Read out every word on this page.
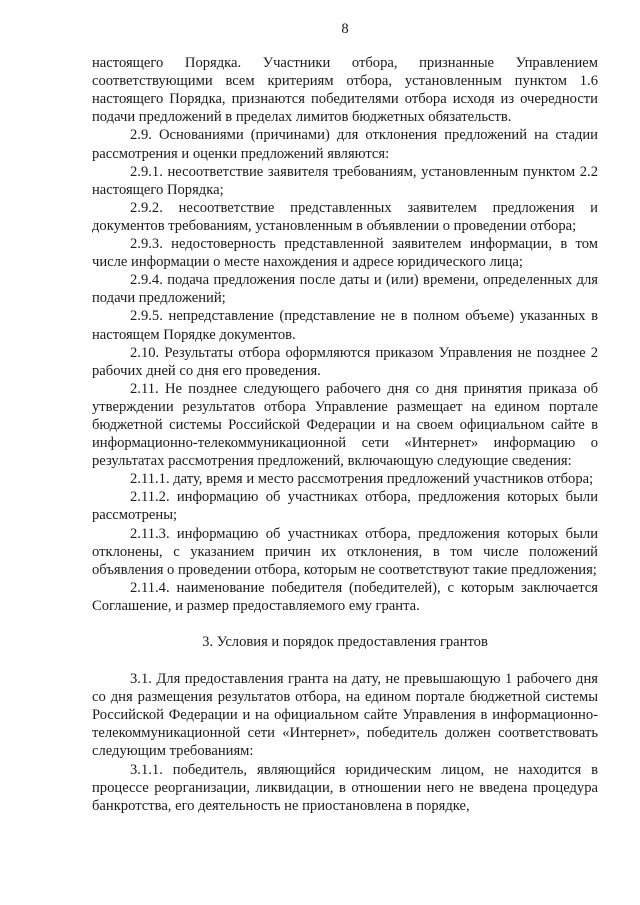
8

настоящего Порядка. Участники отбора, признанные Управлением соответствующими всем критериям отбора, установленным пунктом 1.6 настоящего Порядка, признаются победителями отбора исходя из очередности подачи предложений в пределах лимитов бюджетных обязательств.

2.9. Основаниями (причинами) для отклонения предложений на стадии рассмотрения и оценки предложений являются:

2.9.1. несоответствие заявителя требованиям, установленным пунктом 2.2 настоящего Порядка;

2.9.2. несоответствие представленных заявителем предложения и документов требованиям, установленным в объявлении о проведении отбора;

2.9.3. недостоверность представленной заявителем информации, в том числе информации о месте нахождения и адресе юридического лица;

2.9.4. подача предложения после даты и (или) времени, определенных для подачи предложений;

2.9.5. непредставление (представление не в полном объеме) указанных в настоящем Порядке документов.

2.10. Результаты отбора оформляются приказом Управления не позднее 2 рабочих дней со дня его проведения.

2.11. Не позднее следующего рабочего дня со дня принятия приказа об утверждении результатов отбора Управление размещает на едином портале бюджетной системы Российской Федерации и на своем официальном сайте в информационно-телекоммуникационной сети «Интернет» информацию о результатах рассмотрения предложений, включающую следующие сведения:

2.11.1. дату, время и место рассмотрения предложений участников отбора;

2.11.2. информацию об участниках отбора, предложения которых были рассмотрены;

2.11.3. информацию об участниках отбора, предложения которых были отклонены, с указанием причин их отклонения, в том числе положений объявления о проведении отбора, которым не соответствуют такие предложения;

2.11.4. наименование победителя (победителей), с которым заключается Соглашение, и размер предоставляемого ему гранта.

3. Условия и порядок предоставления грантов

3.1. Для предоставления гранта на дату, не превышающую 1 рабочего дня со дня размещения результатов отбора, на едином портале бюджетной системы Российской Федерации и на официальном сайте Управления в информационно-телекоммуникационной сети «Интернет», победитель должен соответствовать следующим требованиям:

3.1.1. победитель, являющийся юридическим лицом, не находится в процессе реорганизации, ликвидации, в отношении него не введена процедура банкротства, его деятельность не приостановлена в порядке,
